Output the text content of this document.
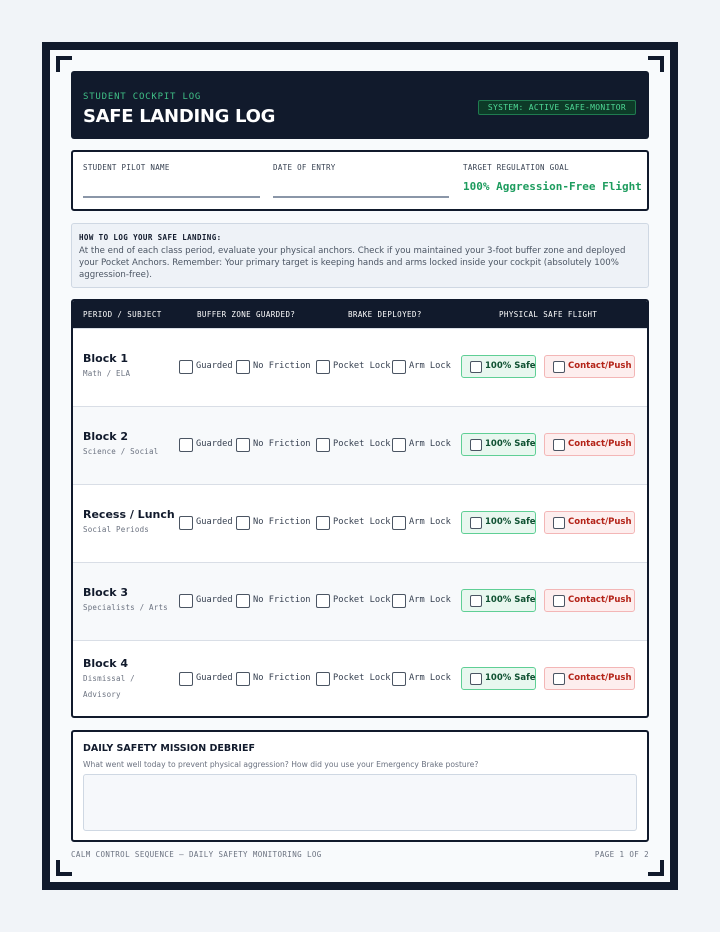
STUDENT COCKPIT LOG
SAFE LANDING LOG	SYSTEM: ACTIVE SAFE-MONITOR
STUDENT PILOT NAME	DATE OF ENTRY	TARGET REGULATION GOAL
100% Aggression-Free Flight
HOW TO LOG YOUR SAFE LANDING:
At the end of each class period, evaluate your physical anchors. Check if you maintained your 3-foot buffer zone and deployed your Pocket Anchors. Remember: Your primary target is keeping hands and arms locked inside your cockpit (absolutely 100% aggression-free).
PERIOD / SUBJECT	BUFFER ZONE GUARDED?	BRAKE DEPLOYED?	PHYSICAL SAFE FLIGHT
Block 1
Math / ELA
Guarded No Friction	Pocket Lock Arm Lock	100% Safe	Contact/Push
Block 2
Science / Social
Guarded No Friction	Pocket Lock Arm Lock	100% Safe	Contact/Push
Recess / Lunch
Social Periods
Guarded No Friction	Pocket Lock Arm Lock	100% Safe	Contact/Push
Block 3
Specialists / Arts
Guarded No Friction	Pocket Lock Arm Lock	100% Safe	Contact/Push
Block 4
Dismissal / Advisory
Guarded No Friction	Pocket Lock Arm Lock	100% Safe	Contact/Push
DAILY SAFETY MISSION DEBRIEF
What went well today to prevent physical aggression? How did you use your Emergency Brake posture?
CALM CONTROL SEQUENCE — DAILY SAFETY MONITORING LOG	PAGE 1 OF 2
